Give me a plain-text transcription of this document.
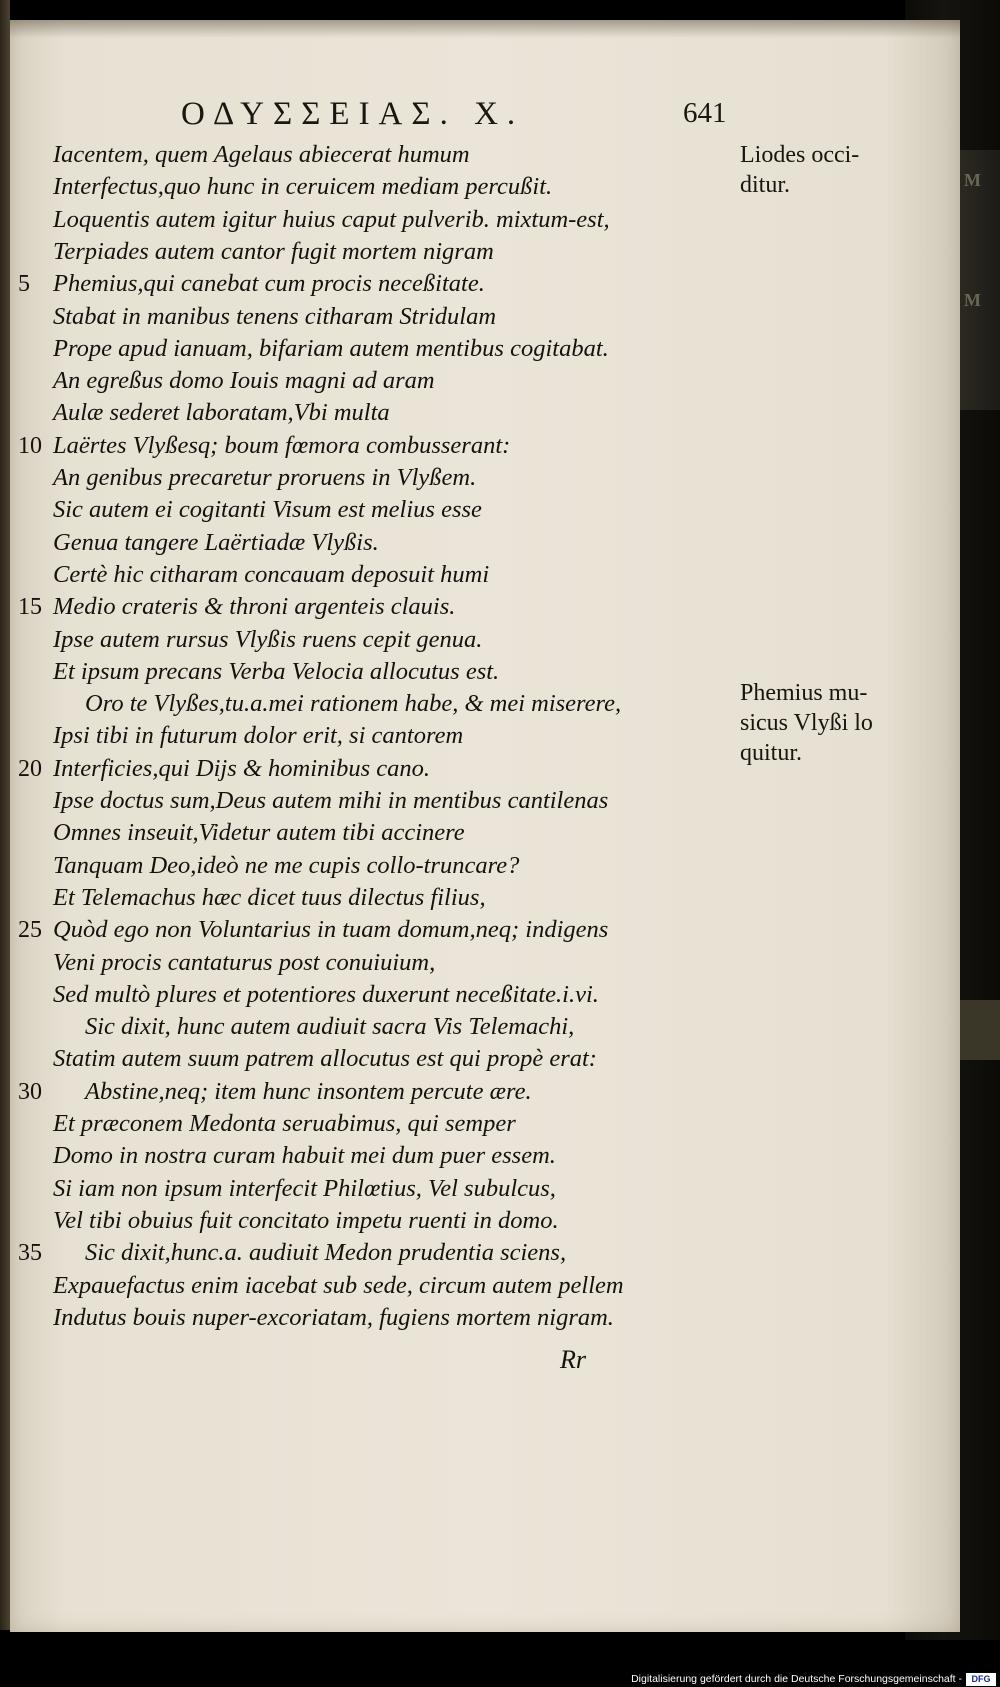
M
M
ΟΔΥΣΣΕΙΑΣ. Χ.	641
Iacentem, quem Agelaus abiecerat humum
Interfectus,quo hunc in ceruicem mediam percußit.
Loquentis autem igitur huius caput pulverib. mixtum-est,
Terpiades autem cantor fugit mortem nigram
Phemius,qui canebat cum procis neceßitate.
5
Stabat in manibus tenens citharam Stridulam
Prope apud ianuam, bifariam autem mentibus cogitabat.
An egreßus domo Iouis magni ad aram
Aulæ sederet laboratam,Vbi multa
Laërtes Vlyßesq; boum fœmora combusserant:
10
An genibus precaretur proruens in Vlyßem.
Sic autem ei cogitanti Visum est melius esse
Genua tangere Laërtiadæ Vlyßis.
Certè hic citharam concauam deposuit humi
Medio crateris & throni argenteis clauis.
15
Ipse autem rursus Vlyßis ruens cepit genua.
Et ipsum precans Verba Velocia allocutus est.
Oro te Vlyßes,tu.a.mei rationem habe, & mei miserere,
Ipsi tibi in futurum dolor erit, si cantorem
Interficies,qui Dijs & hominibus cano.
20
Ipse doctus sum,Deus autem mihi in mentibus cantilenas
Omnes inseuit,Videtur autem tibi accinere
Tanquam Deo,ideò ne me cupis collo-truncare?
Et Telemachus hæc dicet tuus dilectus filius,
Quòd ego non Voluntarius in tuam domum,neq; indigens
25
Veni procis cantaturus post conuiuium,
Sed multò plures et potentiores duxerunt neceßitate.i.vi.
Sic dixit, hunc autem audiuit sacra Vis Telemachi,
Statim autem suum patrem allocutus est qui propè erat:
Abstine,neq; item hunc insontem percute ære.
30
Et præconem Medonta seruabimus, qui semper
Domo in nostra curam habuit mei dum puer essem.
Si iam non ipsum interfecit Philœtius, Vel subulcus,
Vel tibi obuius fuit concitato impetu ruenti in domo.
Sic dixit,hunc.a. audiuit Medon prudentia sciens,
35
Expauefactus enim iacebat sub sede, circum autem pellem
Indutus bouis nuper-excoriatam, fugiens mortem nigram.
Liodes occi-
ditur.
Phemius mu-
sicus Vlyßi lo
quitur.
Rr
Digitalisierung gefördert durch die Deutsche Forschungsgemeinschaft -	DFG
